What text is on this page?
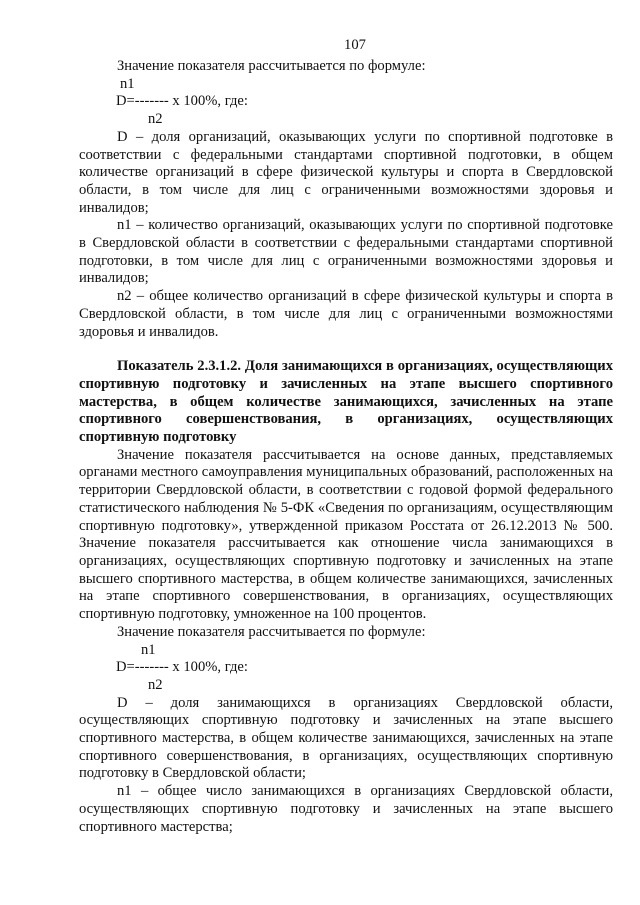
107

Значение показателя рассчитывается по формуле:

n1
D=------- x 100%, где:
n2

D – доля организаций, оказывающих услуги по спортивной подготовке в соответствии с федеральными стандартами спортивной подготовки, в общем количестве организаций в сфере физической культуры и спорта в Свердловской области, в том числе для лиц с ограниченными возможностями здоровья и инвалидов;

n1 – количество организаций, оказывающих услуги по спортивной подготовке в Свердловской области в соответствии с федеральными стандартами спортивной подготовки, в том числе для лиц с ограниченными возможностями здоровья и инвалидов;

n2 – общее количество организаций в сфере физической культуры и спорта в Свердловской области, в том числе для лиц с ограниченными возможностями здоровья и инвалидов.

Показатель 2.3.1.2. Доля занимающихся в организациях, осуществляющих спортивную подготовку и зачисленных на этапе высшего спортивного мастерства, в общем количестве занимающихся, зачисленных на этапе спортивного совершенствования, в организациях, осуществляющих спортивную подготовку

Значение показателя рассчитывается на основе данных, представляемых органами местного самоуправления муниципальных образований, расположенных на территории Свердловской области, в соответствии с годовой формой федерального статистического наблюдения № 5-ФК «Сведения по организациям, осуществляющим спортивную подготовку», утвержденной приказом Росстата от 26.12.2013 № 500. Значение показателя рассчитывается как отношение числа занимающихся в организациях, осуществляющих спортивную подготовку и зачисленных на этапе высшего спортивного мастерства, в общем количестве занимающихся, зачисленных на этапе спортивного совершенствования, в организациях, осуществляющих спортивную подготовку, умноженное на 100 процентов.

Значение показателя рассчитывается по формуле:

n1
D=------- x 100%, где:
n2

D – доля занимающихся в организациях Свердловской области, осуществляющих спортивную подготовку и зачисленных на этапе высшего спортивного мастерства, в общем количестве занимающихся, зачисленных на этапе спортивного совершенствования, в организациях, осуществляющих спортивную подготовку в Свердловской области;

n1 – общее число занимающихся в организациях Свердловской области, осуществляющих спортивную подготовку и зачисленных на этапе высшего спортивного мастерства;
